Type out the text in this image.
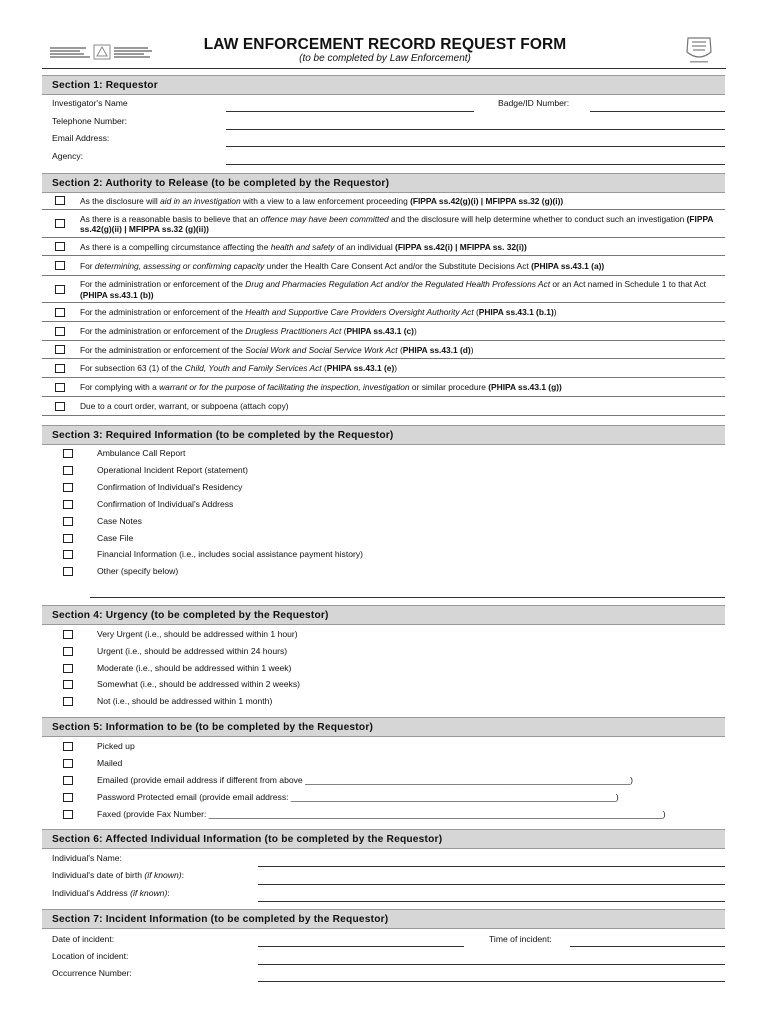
LAW ENFORCEMENT RECORD REQUEST FORM
(to be completed by Law Enforcement)
Section 1: Requestor
Investigator's Name	Badge/ID Number:
Telephone Number:
Email Address:
Agency:
Section 2: Authority to Release (to be completed by the Requestor)
As the disclosure will aid in an investigation with a view to a law enforcement proceeding (FIPPA ss.42(g)(i) | MFIPPA ss.32 (g)(i))
As there is a reasonable basis to believe that an offence may have been committed and the disclosure will help determine whether to conduct such an investigation (FIPPA ss.42(g)(ii) | MFIPPA ss.32 (g)(ii))
As there is a compelling circumstance affecting the health and safety of an individual (FIPPA ss.42(i) | MFIPPA ss. 32(i))
For determining, assessing or confirming capacity under the Health Care Consent Act and/or the Substitute Decisions Act (PHIPA ss.43.1 (a))
For the administration or enforcement of the Drug and Pharmacies Regulation Act and/or the Regulated Health Professions Act or an Act named in Schedule 1 to that Act (PHIPA ss.43.1 (b))
For the administration or enforcement of the Health and Supportive Care Providers Oversight Authority Act (PHIPA ss.43.1 (b.1))
For the administration or enforcement of the Drugless Practitioners Act (PHIPA ss.43.1 (c))
For the administration or enforcement of the Social Work and Social Service Work Act (PHIPA ss.43.1 (d))
For subsection 63 (1) of the Child, Youth and Family Services Act (PHIPA ss.43.1 (e))
For complying with a warrant or for the purpose of facilitating the inspection, investigation or similar procedure (PHIPA ss.43.1 (g))
Due to a court order, warrant, or subpoena (attach copy)
Section 3: Required Information (to be completed by the Requestor)
Ambulance Call Report
Operational Incident Report (statement)
Confirmation of Individual's Residency
Confirmation of Individual's Address
Case Notes
Case File
Financial Information (i.e., includes social assistance payment history)
Other (specify below)
Section 4: Urgency (to be completed by the Requestor)
Very Urgent (i.e., should be addressed within 1 hour)
Urgent (i.e., should be addressed within 24 hours)
Moderate (i.e., should be addressed within 1 week)
Somewhat (i.e., should be addressed within 2 weeks)
Not (i.e., should be addressed within 1 month)
Section 5: Information to be (to be completed by the Requestor)
Picked up
Mailed
Emailed (provide email address if different from above ____________________________________________________________________)
Password Protected email (provide email address: ____________________________________________________________________)
Faxed (provide Fax Number: _______________________________________________________________________________________________)
Section 6: Affected Individual Information (to be completed by the Requestor)
Individual's Name:
Individual's date of birth (if known):
Individual's Address (if known):
Section 7: Incident Information (to be completed by the Requestor)
Date of incident:	Time of incident:
Location of incident:
Occurrence Number:
